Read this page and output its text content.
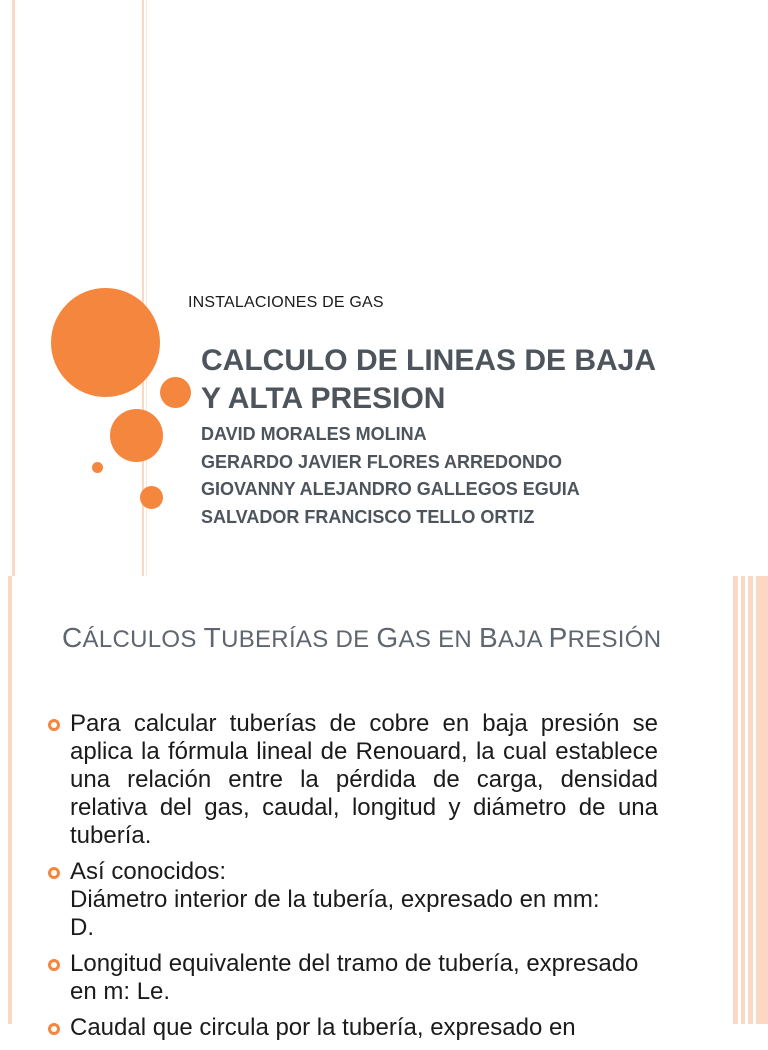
INSTALACIONES DE GAS
CALCULO DE LINEAS DE BAJA
Y ALTA PRESION
DAVID MORALES MOLINA
GERARDO JAVIER FLORES ARREDONDO
GIOVANNY ALEJANDRO GALLEGOS EGUIA
SALVADOR FRANCISCO TELLO ORTIZ
CÁLCULOS TUBERÍAS DE GAS EN BAJA PRESIÓN
Para calcular tuberías de cobre en baja presión se aplica la fórmula lineal de Renouard, la cual establece una relación entre la pérdida de carga, densidad relativa del gas, caudal, longitud y diámetro de una tubería.
Así conocidos:
Diámetro interior de la tubería, expresado en mm:
D.
Longitud equivalente del tramo de tubería, expresado en m: Le.
Caudal que circula por la tubería, expresado en
